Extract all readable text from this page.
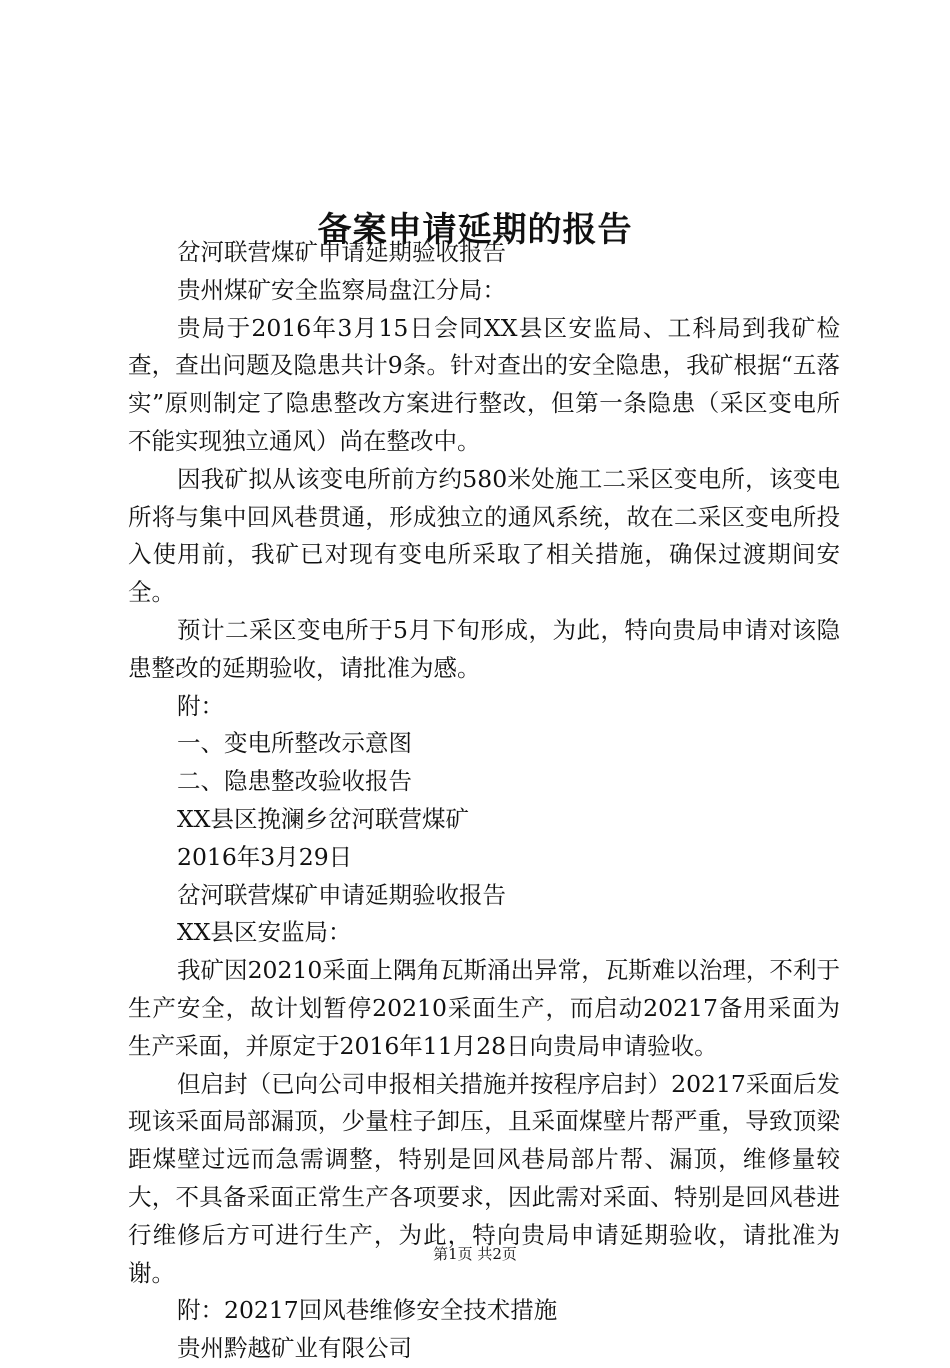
备案申请延期的报告

岔河联营煤矿申请延期验收报告

贵州煤矿安全监察局盘江分局：

贵局于2016年3月15日会同XX县区安监局、工科局到我矿检查，查出问题及隐患共计9条。针对查出的安全隐患，我矿根据“五落实”原则制定了隐患整改方案进行整改，但第一条隐患（采区变电所不能实现独立通风）尚在整改中。

因我矿拟从该变电所前方约580米处施工二采区变电所，该变电所将与集中回风巷贯通，形成独立的通风系统，故在二采区变电所投入使用前，我矿已对现有变电所采取了相关措施，确保过渡期间安全。

预计二采区变电所于5月下旬形成，为此，特向贵局申请对该隐患整改的延期验收，请批准为感。

附：

一、变电所整改示意图

二、隐患整改验收报告

XX县区挽澜乡岔河联营煤矿

2016年3月29日

岔河联营煤矿申请延期验收报告

XX县区安监局：

我矿因20210采面上隅角瓦斯涌出异常，瓦斯难以治理，不利于生产安全，故计划暂停20210采面生产，而启动20217备用采面为生产采面，并原定于2016年11月28日向贵局申请验收。

但启封（已向公司申报相关措施并按程序启封）20217采面后发现该采面局部漏顶，少量柱子卸压，且采面煤壁片帮严重，导致顶梁距煤壁过远而急需调整，特别是回风巷局部片帮、漏顶，维修量较大，不具备采面正常生产各项要求，因此需对采面、特别是回风巷进行维修后方可进行生产，为此，特向贵局申请延期验收，请批准为谢。

附：20217回风巷维修安全技术措施

贵州黔越矿业有限公司

第1页 共2页
